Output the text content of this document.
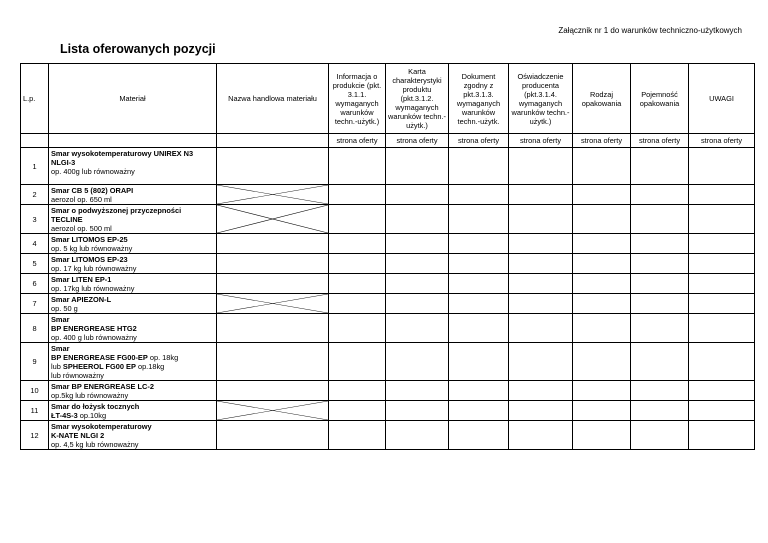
Załącznik nr 1 do warunków techniczno-użytkowych
Lista oferowanych pozycji
L.p.	Materiał	Nazwa handlowa materiału	Informacja o produkcie (pkt. 3.1.1. wymaganych warunków techn.-użytk.)	Karta charakterystyki produktu (pkt.3.1.2. wymaganych warunków techn.-użytk.)	Dokument zgodny z pkt.3.1.3. wymaganych warunków techn.-użytk.	Oświadczenie producenta (pkt.3.1.4. wymaganych warunków techn.-użytk.)	Rodzaj opakowania	Pojemność opakowania	UWAGI
			strona oferty	strona oferty	strona oferty	strona oferty	strona oferty	strona oferty	strona oferty
1	Smar wysokotemperaturowy UNIREX N3
NLGI-3
op. 400g lub równoważny								
2	Smar CB 5 (802) ORAPI
aerozol op. 650 ml	

3	Smar o podwyższonej przyczepności
TECLINE
aerozol op. 500 ml	

4	Smar LITOMOS EP-25
op. 5 kg lub równoważny								
5	Smar LITOMOS EP-23
op. 17 kg lub równoważny								
6	Smar LITEN EP-1
op. 17kg lub równoważny								
7	Smar APIEZON-L
op. 50 g	

8	Smar
BP ENERGREASE HTG2
op. 400 g lub równoważny								
9	Smar
BP ENERGREASE FG00-EP op. 18kg
lub SPHEEROL FG00 EP op.18kg
lub równoważny								
10	Smar BP ENERGREASE LC-2
op.5kg lub równoważny								
11	Smar do łożysk tocznych
ŁT-4S-3 op.10kg	

12	Smar wysokotemperaturowy
K-NATE NLGI 2
op. 4,5 kg lub równoważny								
